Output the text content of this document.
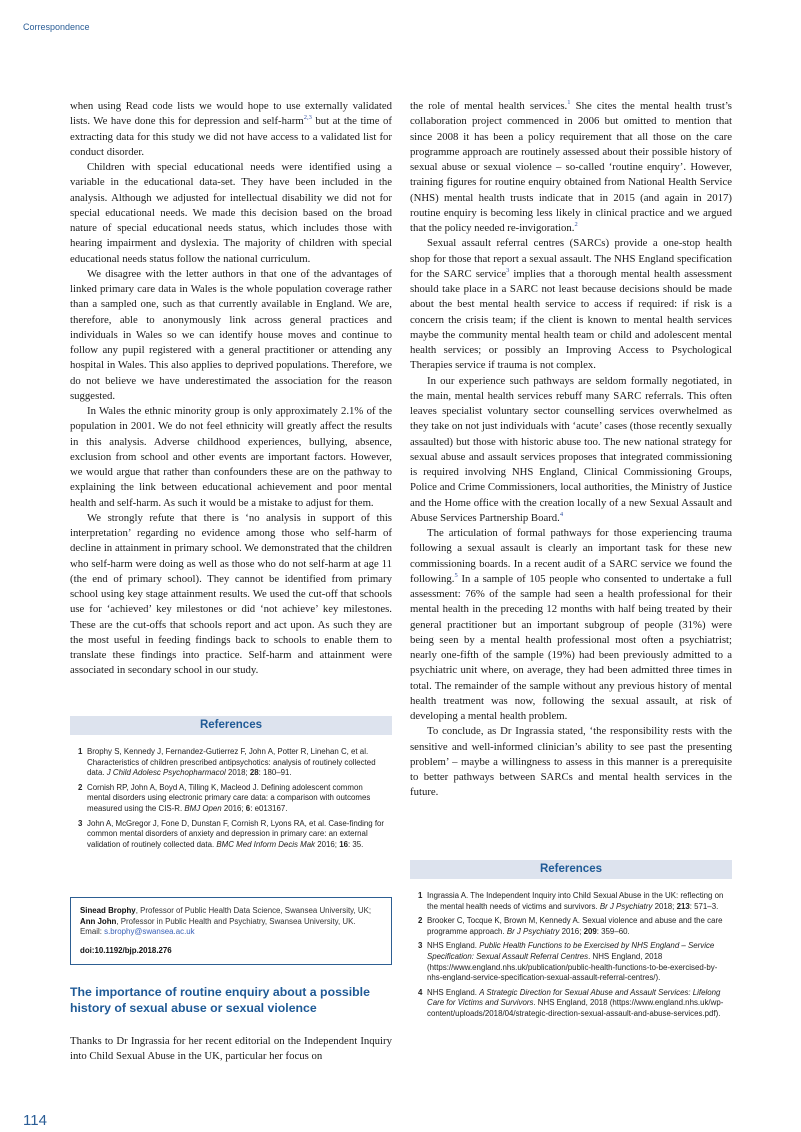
Correspondence

when using Read code lists we would hope to use externally validated lists. We have done this for depression and self-harm$^{2,3}$ but at the time of extracting data for this study we did not have access to a validated list for conduct disorder.

Children with special educational needs were identified using a variable in the educational data-set. They have been included in the analysis. Although we adjusted for intellectual disability we did not for special educational needs. We made this decision based on the broad nature of special educational needs status, which includes those with hearing impairment and dyslexia. The majority of children with special educational needs status follow the national curriculum.

We disagree with the letter authors in that one of the advantages of linked primary care data in Wales is the whole population coverage rather than a sampled one, such as that currently available in England. We are, therefore, able to anonymously link across general practices and individuals in Wales so we can identify house moves and continue to follow any pupil registered with a general practitioner or attending any hospital in Wales. This also applies to deprived populations. Therefore, we do not believe we have underestimated the association for the reason suggested.

In Wales the ethnic minority group is only approximately 2.1% of the population in 2001. We do not feel ethnicity will greatly affect the results in this analysis. Adverse childhood experiences, bullying, absence, exclusion from school and other events are important factors. However, we would argue that rather than confounders these are on the pathway to explaining the link between educational achievement and poor mental health and self-harm. As such it would be a mistake to adjust for them.

We strongly refute that there is ‘no analysis in support of this interpretation’ regarding no evidence among those who self-harm of decline in attainment in primary school. We demonstrated that the children who self-harm were doing as well as those who do not self-harm at age 11 (the end of primary school). They cannot be identified from primary school using key stage attainment results. We used the cut-off that schools use for ‘achieved’ key milestones or did ‘not achieve’ key milestones. These are the cut-offs that schools report and act upon. As such they are the most useful in feeding findings back to schools to enable them to translate these findings into practice. Self-harm and attainment were associated in secondary school in our study.

References
1 Brophy S, Kennedy J, Fernandez-Gutierrez F, John A, Potter R, Linehan C, et al. Characteristics of children prescribed antipsychotics: analysis of routinely collected data. J Child Adolesc Psychopharmacol 2018; 28: 180–91.
2 Cornish RP, John A, Boyd A, Tilling K, Macleod J. Defining adolescent common mental disorders using electronic primary care data: a comparison with outcomes measured using the CIS-R. BMJ Open 2016; 6: e013167.
3 John A, McGregor J, Fone D, Dunstan F, Cornish R, Lyons RA, et al. Case-finding for common mental disorders of anxiety and depression in primary care: an external validation of routinely collected data. BMC Med Inform Decis Mak 2016; 16: 35.
Sinead Brophy, Professor of Public Health Data Science, Swansea University, UK;
Ann John, Professor in Public Health and Psychiatry, Swansea University, UK.
Email: s.brophy@swansea.ac.uk
doi:10.1192/bjp.2018.276
The importance of routine enquiry about a possible history of sexual abuse or sexual violence

Thanks to Dr Ingrassia for her recent editorial on the Independent Inquiry into Child Sexual Abuse in the UK, particular her focus on

the role of mental health services.$^1$ She cites the mental health trust’s collaboration project commenced in 2006 but omitted to mention that since 2008 it has been a policy requirement that all those on the care programme approach are routinely assessed about their possible history of sexual abuse or sexual violence – so-called ‘routine enquiry’. However, training figures for routine enquiry obtained from National Health Service (NHS) mental health trusts indicate that in 2015 (and again in 2017) routine enquiry is becoming less likely in clinical practice and we argued that the policy needed re-invigoration.$^2$

Sexual assault referral centres (SARCs) provide a one-stop health shop for those that report a sexual assault. The NHS England specification for the SARC service$^3$ implies that a thorough mental health assessment should take place in a SARC not least because decisions should be made about the best mental health service to access if required: if risk is a concern the crisis team; if the client is known to mental health services maybe the community mental health team or child and adolescent mental health services; or possibly an Improving Access to Psychological Therapies service if trauma is not complex.

In our experience such pathways are seldom formally negotiated, in the main, mental health services rebuff many SARC referrals. This often leaves specialist voluntary sector counselling services overwhelmed as they take on not just individuals with ‘acute’ cases (those recently sexually assaulted) but those with historic abuse too. The new national strategy for sexual abuse and assault services proposes that integrated commissioning is required involving NHS England, Clinical Commissioning Groups, Police and Crime Commissioners, local authorities, the Ministry of Justice and the Home office with the creation locally of a new Sexual Assault and Abuse Services Partnership Board.$^4$

The articulation of formal pathways for those experiencing trauma following a sexual assault is clearly an important task for these new commissioning boards. In a recent audit of a SARC service we found the following.$^5$ In a sample of 105 people who consented to undertake a full assessment: 76% of the sample had seen a health professional for their mental health in the preceding 12 months with half being treated by their general practitioner but an important subgroup of people (31%) were being seen by a mental health professional most often a psychiatrist; nearly one-fifth of the sample (19%) had been previously admitted to a psychiatric unit where, on average, they had been admitted three times in total. The remainder of the sample without any previous history of mental health treatment was now, following the sexual assault, at risk of developing a mental health problem.

To conclude, as Dr Ingrassia stated, ‘the responsibility rests with the sensitive and well-informed clinician’s ability to see past the presenting problem’ – maybe a willingness to assess in this manner is a prerequisite to better pathways between SARCs and mental health services in the future.

References
1 Ingrassia A. The Independent Inquiry into Child Sexual Abuse in the UK: reflecting on the mental health needs of victims and survivors. Br J Psychiatry 2018; 213: 571–3.
2 Brooker C, Tocque K, Brown M, Kennedy A. Sexual violence and abuse and the care programme approach. Br J Psychiatry 2016; 209: 359–60.
3 NHS England. Public Health Functions to be Exercised by NHS England – Service Specification: Sexual Assault Referral Centres. NHS England, 2018 (https://www.england.nhs.uk/publication/public-health-functions-to-be-exercised-by-nhs-england-service-specification-sexual-assault-referral-centres/).
4 NHS England. A Strategic Direction for Sexual Abuse and Assault Services: Lifelong Care for Victims and Survivors. NHS England, 2018 (https://www.england.nhs.uk/wp-content/uploads/2018/04/strategic-direction-sexual-assault-and-abuse-services.pdf).
114
